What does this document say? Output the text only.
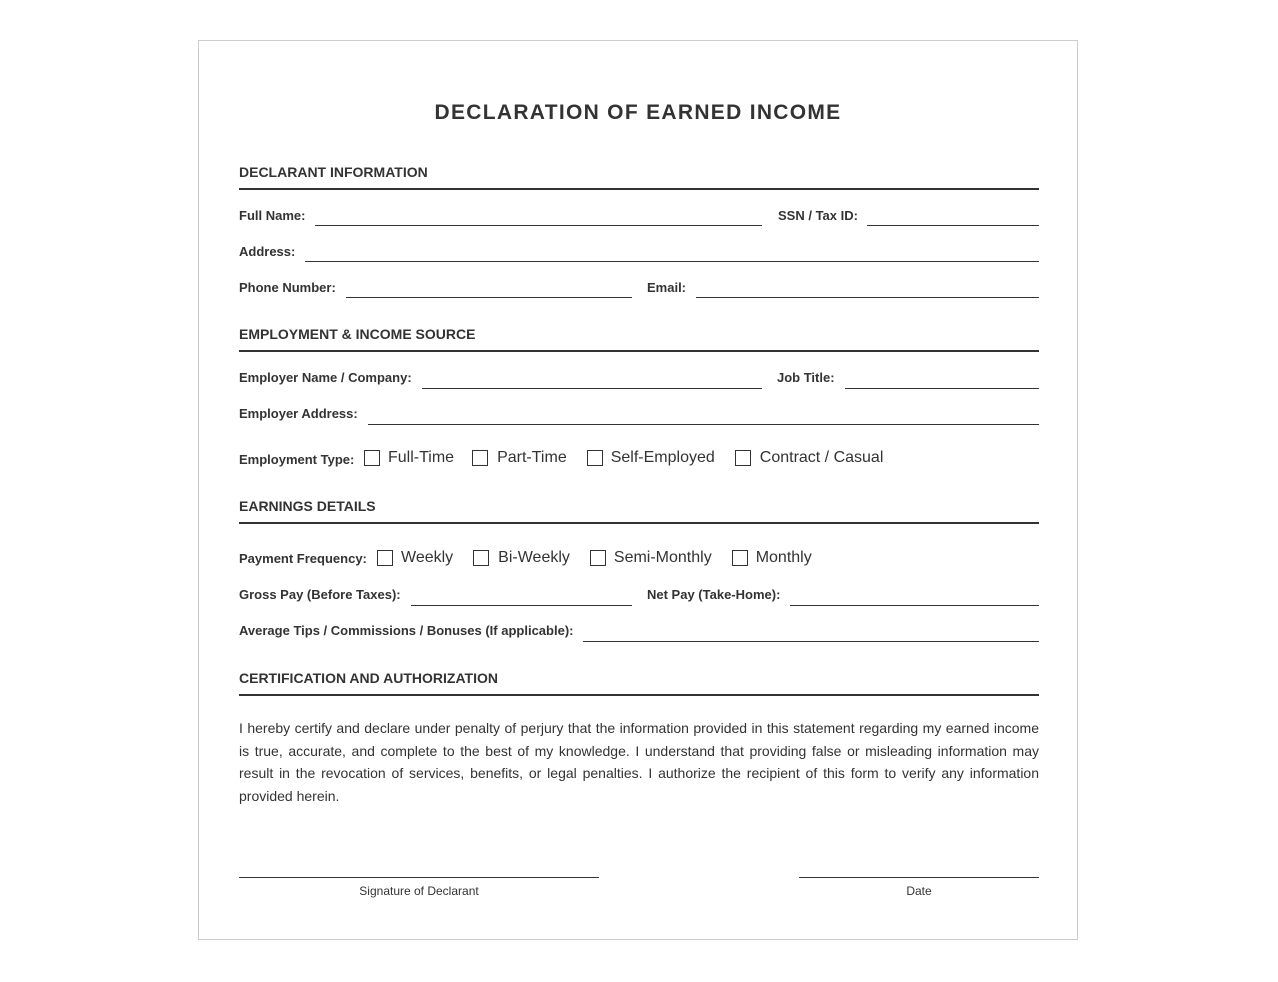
DECLARATION OF EARNED INCOME
DECLARANT INFORMATION
Full Name:	SSN / Tax ID:
Address:
Phone Number:	Email:
EMPLOYMENT & INCOME SOURCE
Employer Name / Company:	Job Title:
Employer Address:
Employment Type: Full-Time	Part-Time	Self-Employed	Contract / Casual
EARNINGS DETAILS
Payment Frequency: Weekly	Bi-Weekly	Semi-Monthly	Monthly
Gross Pay (Before Taxes):	Net Pay (Take-Home):
Average Tips / Commissions / Bonuses (If applicable):
CERTIFICATION AND AUTHORIZATION

I hereby certify and declare under penalty of perjury that the information provided in this statement regarding my earned income is true, accurate, and complete to the best of my knowledge. I understand that providing false or misleading information may result in the revocation of services, benefits, or legal penalties. I authorize the recipient of this form to verify any information provided herein.

Signature of Declarant	Date
